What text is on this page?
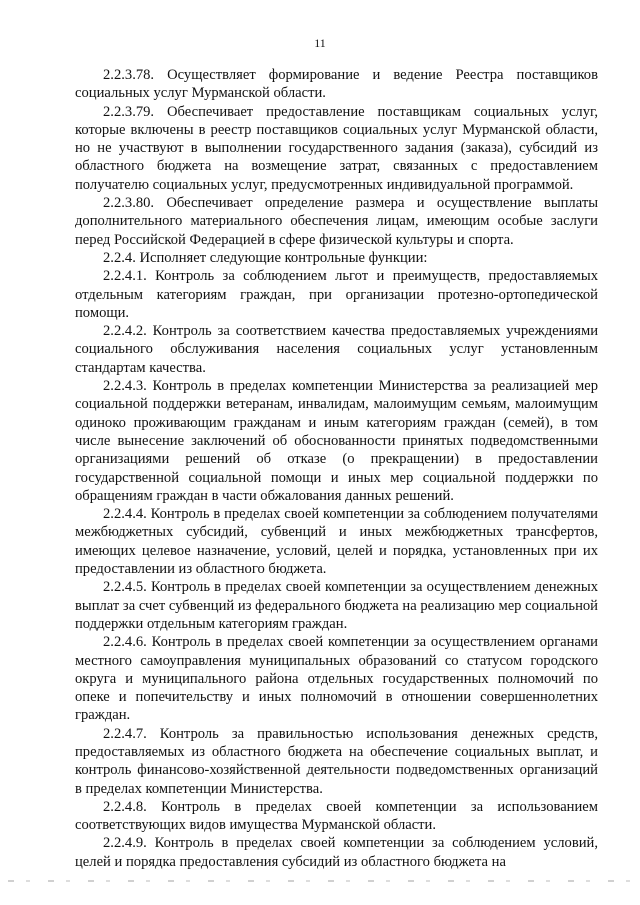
11

2.2.3.78. Осуществляет формирование и ведение Реестра поставщиков социальных услуг Мурманской области.

2.2.3.79. Обеспечивает предоставление поставщикам социальных услуг, которые включены в реестр поставщиков социальных услуг Мурманской области, но не участвуют в выполнении государственного задания (заказа), субсидий из областного бюджета на возмещение затрат, связанных с предоставлением получателю социальных услуг, предусмотренных индивидуальной программой.

2.2.3.80. Обеспечивает определение размера и осуществление выплаты дополнительного материального обеспечения лицам, имеющим особые заслуги перед Российской Федерацией в сфере физической культуры и спорта.

2.2.4. Исполняет следующие контрольные функции:

2.2.4.1. Контроль за соблюдением льгот и преимуществ, предоставляемых отдельным категориям граждан, при организации протезно-ортопедической помощи.

2.2.4.2. Контроль за соответствием качества предоставляемых учреждениями социального обслуживания населения социальных услуг установленным стандартам качества.

2.2.4.3. Контроль в пределах компетенции Министерства за реализацией мер социальной поддержки ветеранам, инвалидам, малоимущим семьям, малоимущим одиноко проживающим гражданам и иным категориям граждан (семей), в том числе вынесение заключений об обоснованности принятых подведомственными организациями решений об отказе (о прекращении) в предоставлении государственной социальной помощи и иных мер социальной поддержки по обращениям граждан в части обжалования данных решений.

2.2.4.4. Контроль в пределах своей компетенции за соблюдением получателями межбюджетных субсидий, субвенций и иных межбюджетных трансфертов, имеющих целевое назначение, условий, целей и порядка, установленных при их предоставлении из областного бюджета.

2.2.4.5. Контроль в пределах своей компетенции за осуществлением денежных выплат за счет субвенций из федерального бюджета на реализацию мер социальной поддержки отдельным категориям граждан.

2.2.4.6. Контроль в пределах своей компетенции за осуществлением органами местного самоуправления муниципальных образований со статусом городского округа и муниципального района отдельных государственных полномочий по опеке и попечительству и иных полномочий в отношении совершеннолетних граждан.

2.2.4.7. Контроль за правильностью использования денежных средств, предоставляемых из областного бюджета на обеспечение социальных выплат, и контроль финансово-хозяйственной деятельности подведомственных организаций в пределах компетенции Министерства.

2.2.4.8. Контроль в пределах своей компетенции за использованием соответствующих видов имущества Мурманской области.

2.2.4.9. Контроль в пределах своей компетенции за соблюдением условий, целей и порядка предоставления субсидий из областного бюджета на
